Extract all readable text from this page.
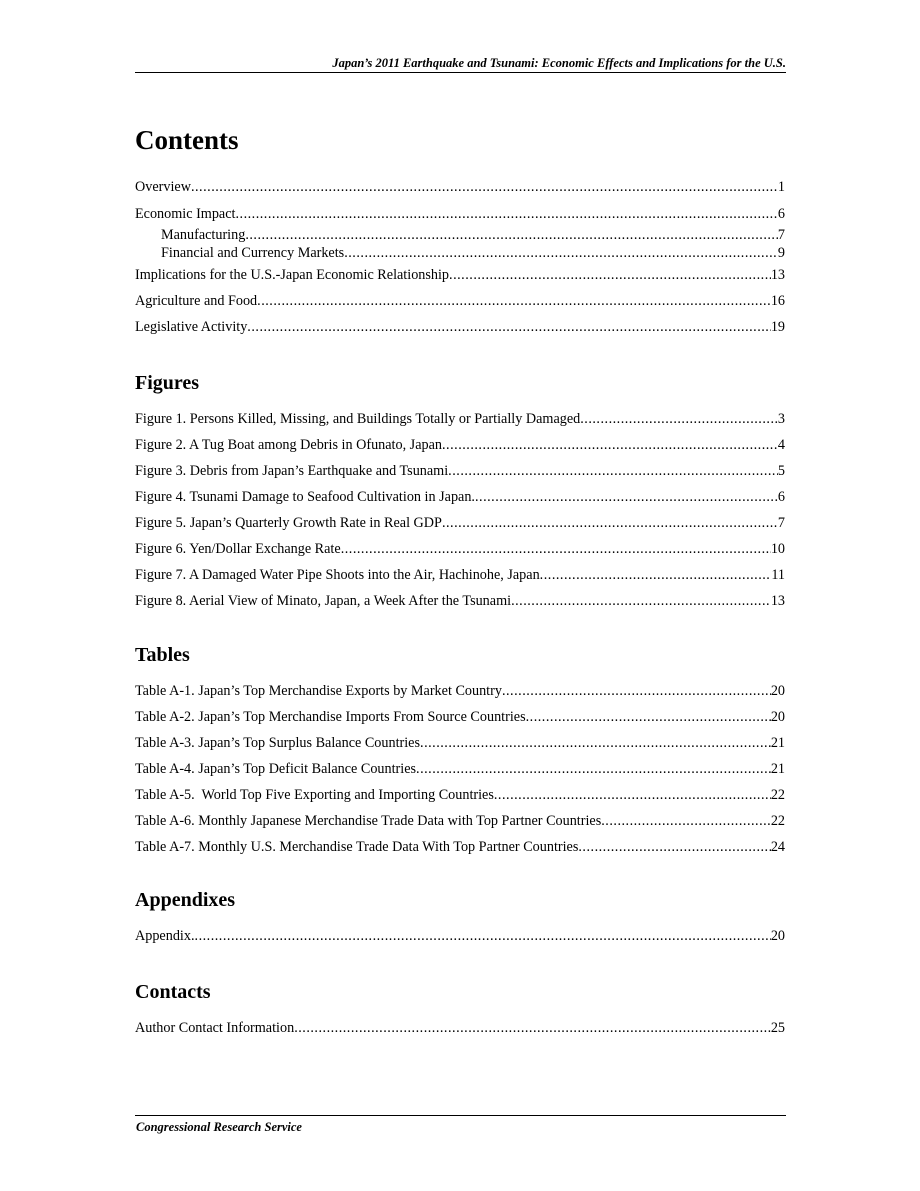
Japan’s 2011 Earthquake and Tsunami: Economic Effects and Implications for the U.S.
Contents
Overview .....	1
Economic Impact .....	6
Manufacturing .....	7
Financial and Currency Markets .....	9
Implications for the U.S.-Japan Economic Relationship .....	13
Agriculture and Food .....	16
Legislative Activity .....	19
Figures
Figure 1. Persons Killed, Missing, and Buildings Totally or Partially Damaged .....	3
Figure 2. A Tug Boat among Debris in Ofunato, Japan .....	4
Figure 3. Debris from Japan’s Earthquake and Tsunami .....	5
Figure 4. Tsunami Damage to Seafood Cultivation in Japan. .....	6
Figure 5. Japan’s Quarterly Growth Rate in Real GDP .....	7
Figure 6. Yen/Dollar Exchange Rate .....	10
Figure 7. A Damaged Water Pipe Shoots into the Air, Hachinohe, Japan .....	11
Figure 8. Aerial View of Minato, Japan, a Week After the Tsunami .....	13
Tables
Table A-1. Japan’s Top Merchandise Exports by Market Country .....	20
Table A-2. Japan’s Top Merchandise Imports From Source Countries .....	20
Table A-3. Japan’s Top Surplus Balance Countries .....	21
Table A-4. Japan’s Top Deficit Balance Countries .....	21
Table A-5.  World Top Five Exporting and Importing Countries .....	22
Table A-6. Monthly Japanese Merchandise Trade Data with Top Partner Countries .....	22
Table A-7. Monthly U.S. Merchandise Trade Data With Top Partner Countries .....	24
Appendixes
Appendix. .....	20
Contacts
Author Contact Information .....	25
Congressional Research Service
